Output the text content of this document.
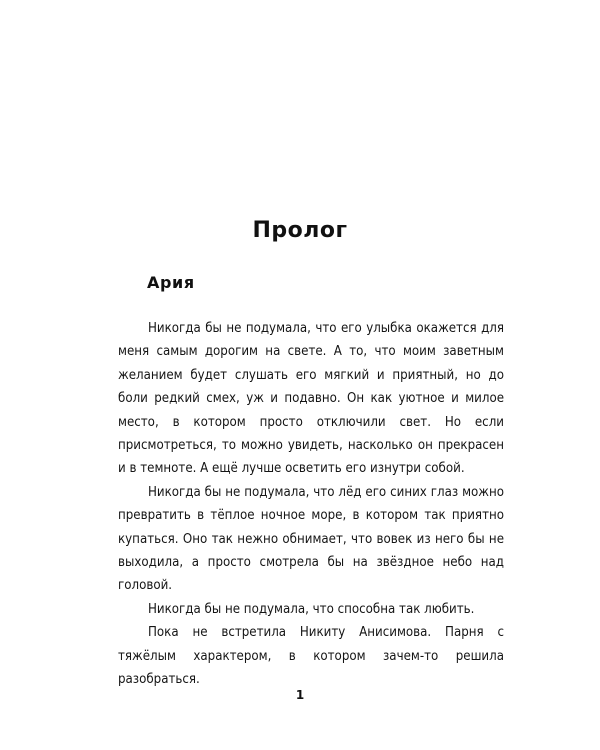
Пролог
Ария

Никогда бы не подумала, что его улыбка окажется для меня самым дорогим на свете. А то, что моим заветным желанием будет слушать его мягкий и приятный, но до боли редкий смех, уж и подавно. Он как уютное и милое место, в котором просто отключили свет. Но если присмотреться, то можно увидеть, насколько он прекрасен и в темноте. А ещё лучше осветить его изнутри собой.

Никогда бы не подумала, что лёд его синих глаз можно превратить в тёплое ночное море, в котором так приятно купаться. Оно так нежно обнимает, что вовек из него бы не выходила, а просто смотрела бы на звёздное небо над головой.

Никогда бы не подумала, что способна так любить.

Пока не встретила Никиту Анисимова. Парня с тяжёлым характером, в котором зачем-то решила разобраться.

1
